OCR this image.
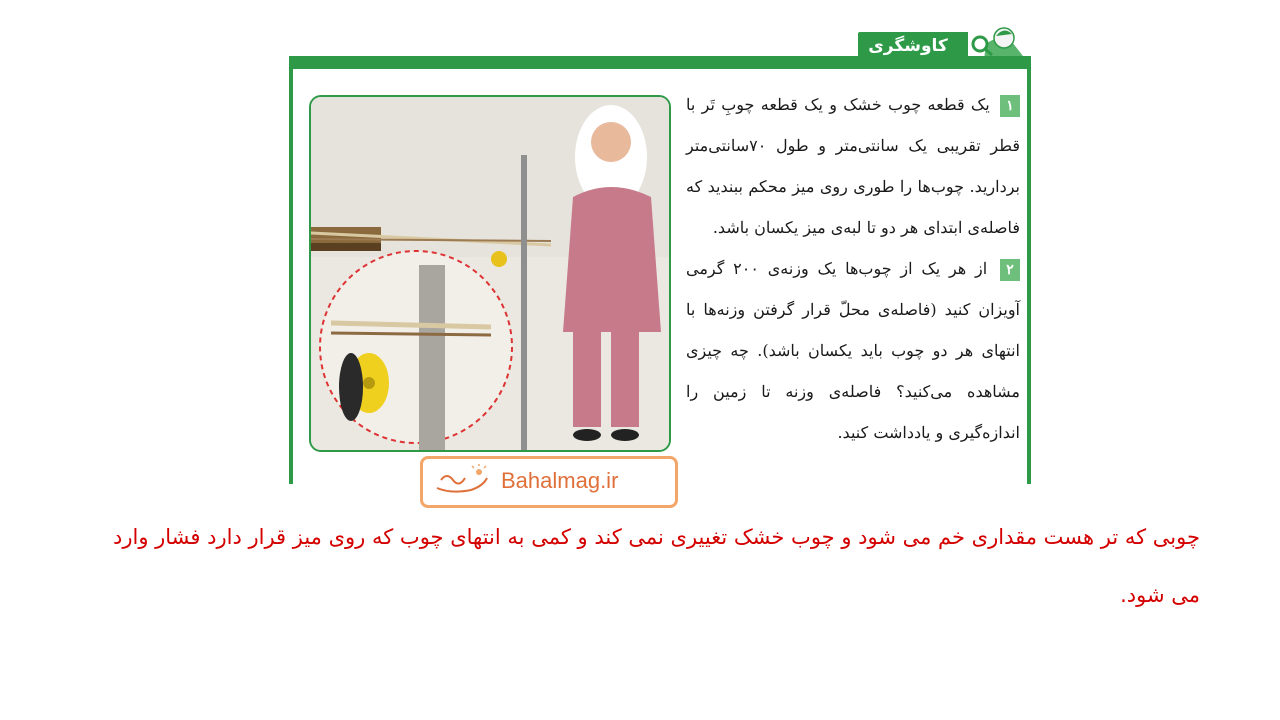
کاوشگری

۱ یک قطعه چوب خشک و یک قطعه چوبِ تَر با قطر تقریبی یک سانتی‌متر و طول ۷۰سانتی‌متر بردارید. چوب‌ها را طوری روی میز محکم ببندید که فاصله‌ی ابتدای هر دو تا لبه‌ی میز یکسان باشد.

۲ از هر یک از چوب‌ها یک وزنه‌ی ۲۰۰ گرمی آویزان کنید (فاصله‌ی محلّ قرار گرفتن وزنه‌ها با انتهای هر دو چوب باید یکسان باشد). چه چیزی مشاهده می‌کنید؟ فاصله‌ی وزنه تا زمین را اندازه‌گیری و یادداشت کنید.

Bahalmag.ir
چوبی که تر هست مقداری خم می شود و چوب خشک تغییری نمی کند و کمی به انتهای چوب که روی میز قرار دارد فشار وارد می شود.
